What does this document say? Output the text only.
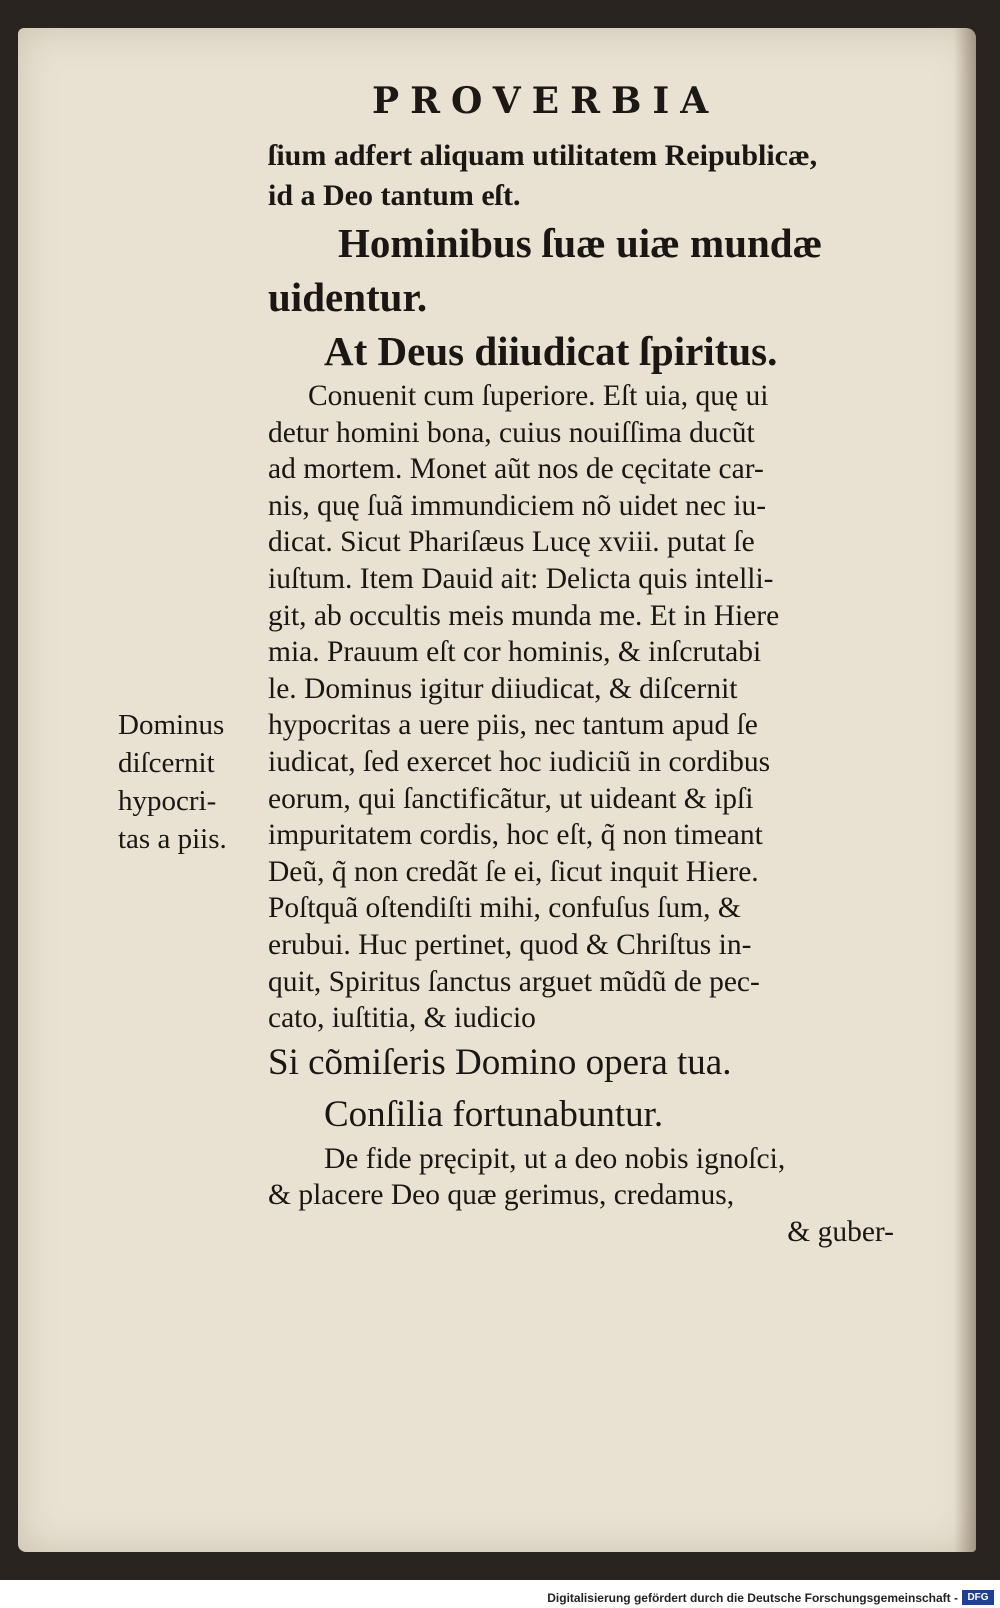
PROVERBIA
ſium adfert aliquam utilitatem Reipublicæ,
id a Deo tantum eſt.
Hominibus ſuæ uiæ mundæ
uidentur.
At Deus diiudicat ſpiritus.
Conuenit cum ſuperiore. Eſt uia, quę ui
detur homini bona, cuius nouiſſima ducũt
ad mortem. Monet aũt nos de cęcitate car-
nis, quę ſuã immundiciem nõ uidet nec iu-
dicat. Sicut Phariſæus Lucę xviii. putat ſe
iuſtum. Item Dauid ait: Delicta quis intelli-
git, ab occultis meis munda me. Et in Hiere
mia. Prauum eſt cor hominis, & inſcrutabi
le. Dominus igitur diiudicat, & diſcernit
hypocritas a uere piis, nec tantum apud ſe
iudicat, ſed exercet hoc iudiciũ in cordibus
eorum, qui ſanctificãtur, ut uideant & ipſi
impuritatem cordis, hoc eſt, q̃ non timeant
Deũ, q̃ non credãt ſe ei, ſicut inquit Hiere.
Poſtquã oſtendiſti mihi, confuſus ſum, &
erubui. Huc pertinet, quod & Chriſtus in-
quit, Spiritus ſanctus arguet mũdũ de pec-
cato, iuſtitia, & iudicio
Si cõmiſeris Domino opera tua.
Conſilia fortunabuntur.
De fide pręcipit, ut a deo nobis ignoſci,
& placere Deo quæ gerimus, credamus,
& guber-
Dominus
diſcernit
hypocri-
tas a piis.
Digitalisierung gefördert durch die Deutsche Forschungsgemeinschaft - DFG
